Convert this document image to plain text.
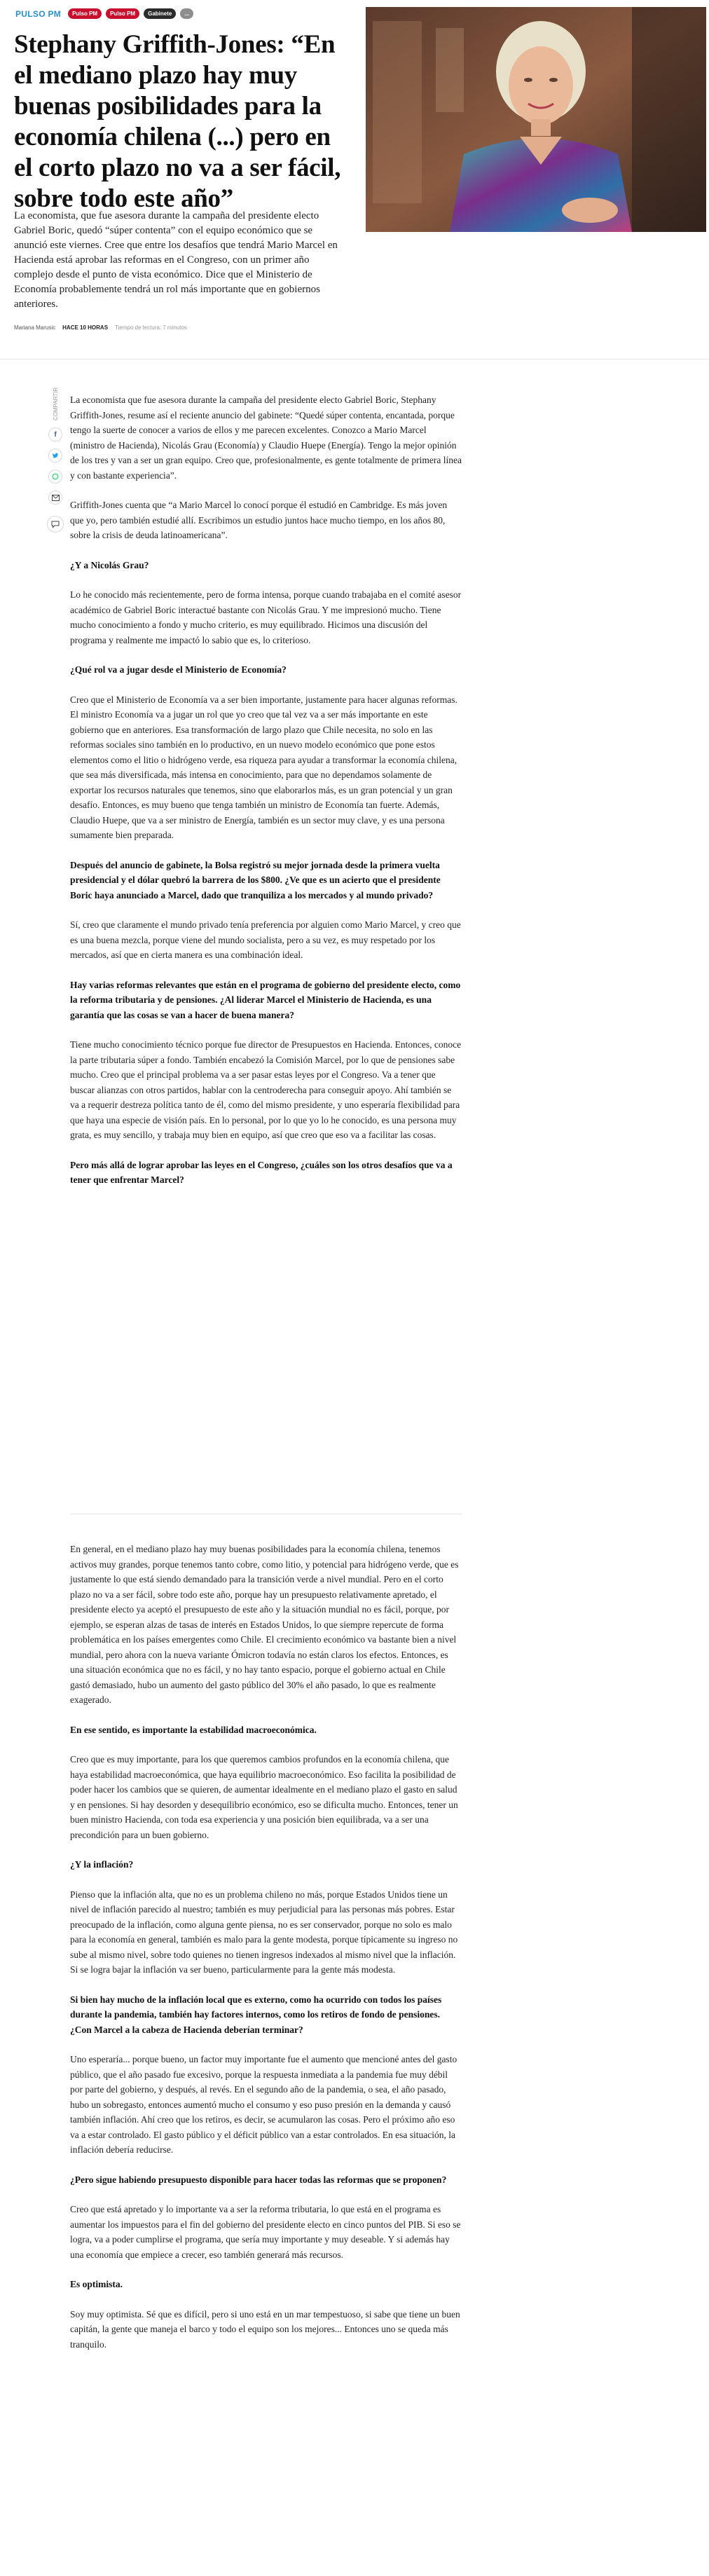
PULSO PM	Pulso PM	Pulso PM	Gabinete	...
Stephany Griffith-Jones: “En el mediano plazo hay muy buenas posibilidades para la economía chilena (...) pero en el corto plazo no va a ser fácil, sobre todo este año”

La economista, que fue asesora durante la campaña del presidente electo Gabriel Boric, quedó “súper contenta” con el equipo económico que se anunció este viernes. Cree que entre los desafíos que tendrá Mario Marcel en Hacienda está aprobar las reformas en el Congreso, con un primer año complejo desde el punto de vista económico. Dice que el Ministerio de Economía probablemente tendrá un rol más importante que en gobiernos anteriores.

Mariana Marusic HACE 10 HORAS Tiempo de lectura: 7 minutos
COMPARTIR
f

La economista que fue asesora durante la campaña del presidente electo Gabriel Boric, Stephany Griffith-Jones, resume así el reciente anuncio del gabinete: “Quedé súper contenta, encantada, porque tengo la suerte de conocer a varios de ellos y me parecen excelentes. Conozco a Mario Marcel (ministro de Hacienda), Nicolás Grau (Economía) y Claudio Huepe (Energía). Tengo la mejor opinión de los tres y van a ser un gran equipo. Creo que, profesionalmente, es gente totalmente de primera línea y con bastante experiencia”.

Griffith-Jones cuenta que “a Mario Marcel lo conocí porque él estudió en Cambridge. Es más joven que yo, pero también estudié allí. Escribimos un estudio juntos hace mucho tiempo, en los años 80, sobre la crisis de deuda latinoamericana”.

¿Y a Nicolás Grau?

Lo he conocido más recientemente, pero de forma intensa, porque cuando trabajaba en el comité asesor académico de Gabriel Boric interactué bastante con Nicolás Grau. Y me impresionó mucho. Tiene mucho conocimiento a fondo y mucho criterio, es muy equilibrado. Hicimos una discusión del programa y realmente me impactó lo sabio que es, lo criterioso.

¿Qué rol va a jugar desde el Ministerio de Economía?

Creo que el Ministerio de Economía va a ser bien importante, justamente para hacer algunas reformas. El ministro Economía va a jugar un rol que yo creo que tal vez va a ser más importante en este gobierno que en anteriores. Esa transformación de largo plazo que Chile necesita, no solo en las reformas sociales sino también en lo productivo, en un nuevo modelo económico que pone estos elementos como el litio o hidrógeno verde, esa riqueza para ayudar a transformar la economía chilena, que sea más diversificada, más intensa en conocimiento, para que no dependamos solamente de exportar los recursos naturales que tenemos, sino que elaborarlos más, es un gran potencial y un gran desafío. Entonces, es muy bueno que tenga también un ministro de Economía tan fuerte. Además, Claudio Huepe, que va a ser ministro de Energía, también es un sector muy clave, y es una persona sumamente bien preparada.

Después del anuncio de gabinete, la Bolsa registró su mejor jornada desde la primera vuelta presidencial y el dólar quebró la barrera de los $800. ¿Ve que es un acierto que el presidente Boric haya anunciado a Marcel, dado que tranquiliza a los mercados y al mundo privado?

Sí, creo que claramente el mundo privado tenía preferencia por alguien como Mario Marcel, y creo que es una buena mezcla, porque viene del mundo socialista, pero a su vez, es muy respetado por los mercados, así que en cierta manera es una combinación ideal.

Hay varias reformas relevantes que están en el programa de gobierno del presidente electo, como la reforma tributaria y de pensiones. ¿Al liderar Marcel el Ministerio de Hacienda, es una garantía que las cosas se van a hacer de buena manera?

Tiene mucho conocimiento técnico porque fue director de Presupuestos en Hacienda. Entonces, conoce la parte tributaria súper a fondo. También encabezó la Comisión Marcel, por lo que de pensiones sabe mucho. Creo que el principal problema va a ser pasar estas leyes por el Congreso. Va a tener que buscar alianzas con otros partidos, hablar con la centroderecha para conseguir apoyo. Ahí también se va a requerir destreza política tanto de él, como del mismo presidente, y uno esperaría flexibilidad para que haya una especie de visión país. En lo personal, por lo que yo lo he conocido, es una persona muy grata, es muy sencillo, y trabaja muy bien en equipo, así que creo que eso va a facilitar las cosas.

Pero más allá de lograr aprobar las leyes en el Congreso, ¿cuáles son los otros desafíos que va a tener que enfrentar Marcel?

En general, en el mediano plazo hay muy buenas posibilidades para la economía chilena, tenemos activos muy grandes, porque tenemos tanto cobre, como litio, y potencial para hidrógeno verde, que es justamente lo que está siendo demandado para la transición verde a nivel mundial. Pero en el corto plazo no va a ser fácil, sobre todo este año, porque hay un presupuesto relativamente apretado, el presidente electo ya aceptó el presupuesto de este año y la situación mundial no es fácil, porque, por ejemplo, se esperan alzas de tasas de interés en Estados Unidos, lo que siempre repercute de forma problemática en los países emergentes como Chile. El crecimiento económico va bastante bien a nivel mundial, pero ahora con la nueva variante Ómicron todavía no están claros los efectos. Entonces, es una situación económica que no es fácil, y no hay tanto espacio, porque el gobierno actual en Chile gastó demasiado, hubo un aumento del gasto público del 30% el año pasado, lo que es realmente exagerado.

En ese sentido, es importante la estabilidad macroeconómica.

Creo que es muy importante, para los que queremos cambios profundos en la economía chilena, que haya estabilidad macroeconómica, que haya equilibrio macroeconómico. Eso facilita la posibilidad de poder hacer los cambios que se quieren, de aumentar idealmente en el mediano plazo el gasto en salud y en pensiones. Si hay desorden y desequilibrio económico, eso se dificulta mucho. Entonces, tener un buen ministro Hacienda, con toda esa experiencia y una posición bien equilibrada, va a ser una precondición para un buen gobierno.

¿Y la inflación?

Pienso que la inflación alta, que no es un problema chileno no más, porque Estados Unidos tiene un nivel de inflación parecido al nuestro; también es muy perjudicial para las personas más pobres. Estar preocupado de la inflación, como alguna gente piensa, no es ser conservador, porque no solo es malo para la economía en general, también es malo para la gente modesta, porque típicamente su ingreso no sube al mismo nivel, sobre todo quienes no tienen ingresos indexados al mismo nivel que la inflación. Si se logra bajar la inflación va ser bueno, particularmente para la gente más modesta.

Si bien hay mucho de la inflación local que es externo, como ha ocurrido con todos los países durante la pandemia, también hay factores internos, como los retiros de fondo de pensiones. ¿Con Marcel a la cabeza de Hacienda deberían terminar?

Uno esperaría... porque bueno, un factor muy importante fue el aumento que mencioné antes del gasto público, que el año pasado fue excesivo, porque la respuesta inmediata a la pandemia fue muy débil por parte del gobierno, y después, al revés. En el segundo año de la pandemia, o sea, el año pasado, hubo un sobregasto, entonces aumentó mucho el consumo y eso puso presión en la demanda y causó también inflación. Ahí creo que los retiros, es decir, se acumularon las cosas. Pero el próximo año eso va a estar controlado. El gasto público y el déficit público van a estar controlados. En esa situación, la inflación debería reducirse.

¿Pero sigue habiendo presupuesto disponible para hacer todas las reformas que se proponen?

Creo que está apretado y lo importante va a ser la reforma tributaria, lo que está en el programa es aumentar los impuestos para el fin del gobierno del presidente electo en cinco puntos del PIB. Si eso se logra, va a poder cumplirse el programa, que sería muy importante y muy deseable. Y si además hay una economía que empiece a crecer, eso también generará más recursos.

Es optimista.

Soy muy optimista. Sé que es difícil, pero si uno está en un mar tempestuoso, si sabe que tiene un buen capitán, la gente que maneja el barco y todo el equipo son los mejores... Entonces uno se queda más tranquilo.
